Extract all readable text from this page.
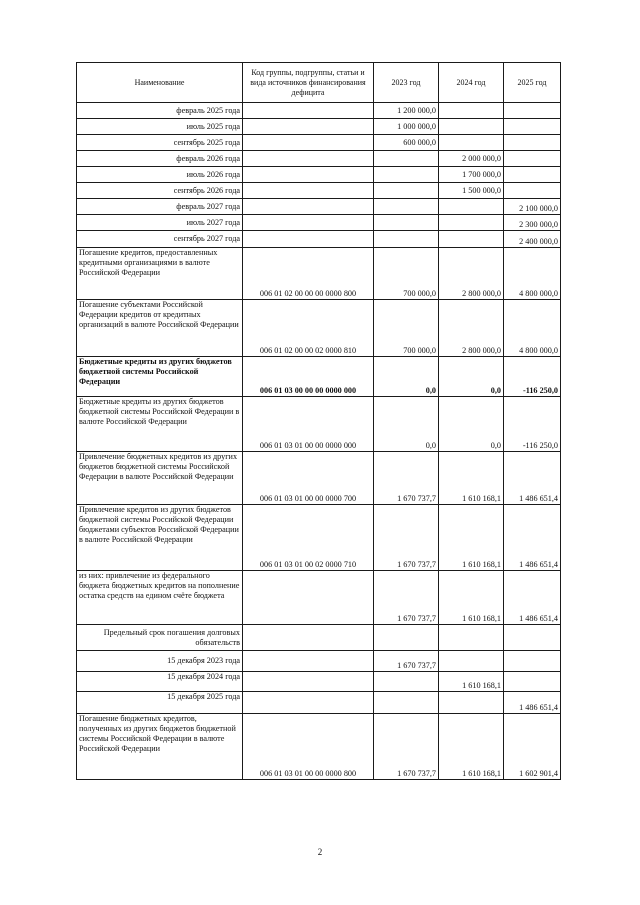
Наименование	Код группы, подгруппы, статьи и вида источников финансирования дефицита	2023 год	2024 год	2025 год
февраль 2025 года		1 200 000,0		
июль 2025 года		1 000 000,0		
сентябрь 2025 года		600 000,0		
февраль 2026 года			2 000 000,0	
июль 2026 года			1 700 000,0	
сентябрь 2026 года			1 500 000,0	
февраль 2027 года				2 100 000,0
июль 2027 года				2 300 000,0
сентябрь 2027 года				2 400 000,0
Погашение кредитов, предоставленных кредитными организациями в валюте Российской Федерации	006 01 02 00 00 00 0000 800	700 000,0	2 800 000,0	4 800 000,0
Погашение субъектами Российской Федерации кредитов от кредитных организаций в валюте Российской Федерации	006 01 02 00 00 02 0000 810	700 000,0	2 800 000,0	4 800 000,0
Бюджетные кредиты из других бюджетов бюджетной системы Российской Федерации	006 01 03 00 00 00 0000 000	0,0	0,0	-116 250,0
Бюджетные кредиты из других бюджетов бюджетной системы Российской Федерации в валюте Российской Федерации	006 01 03 01 00 00 0000 000	0,0	0,0	-116 250,0
Привлечение бюджетных кредитов из других бюджетов бюджетной системы Российской Федерации в валюте Российской Федерации	006 01 03 01 00 00 0000 700	1 670 737,7	1 610 168,1	1 486 651,4
Привлечение кредитов из других бюджетов бюджетной системы Российской Федерации бюджетами субъектов Российской Федерации в валюте Российской Федерации	006 01 03 01 00 02 0000 710	1 670 737,7	1 610 168,1	1 486 651,4
из них: привлечение из федерального бюджета бюджетных кредитов на пополнение остатка средств на едином счёте бюджета		1 670 737,7	1 610 168,1	1 486 651,4
Предельный срок погашения долговых обязательств				
15 декабря 2023 года		1 670 737,7		
15 декабря 2024 года			1 610 168,1	
15 декабря 2025 года				1 486 651,4
Погашение бюджетных кредитов, полученных из других бюджетов бюджетной системы Российской Федерации в валюте Российской Федерации	006 01 03 01 00 00 0000 800	1 670 737,7	1 610 168,1	1 602 901,4
2
